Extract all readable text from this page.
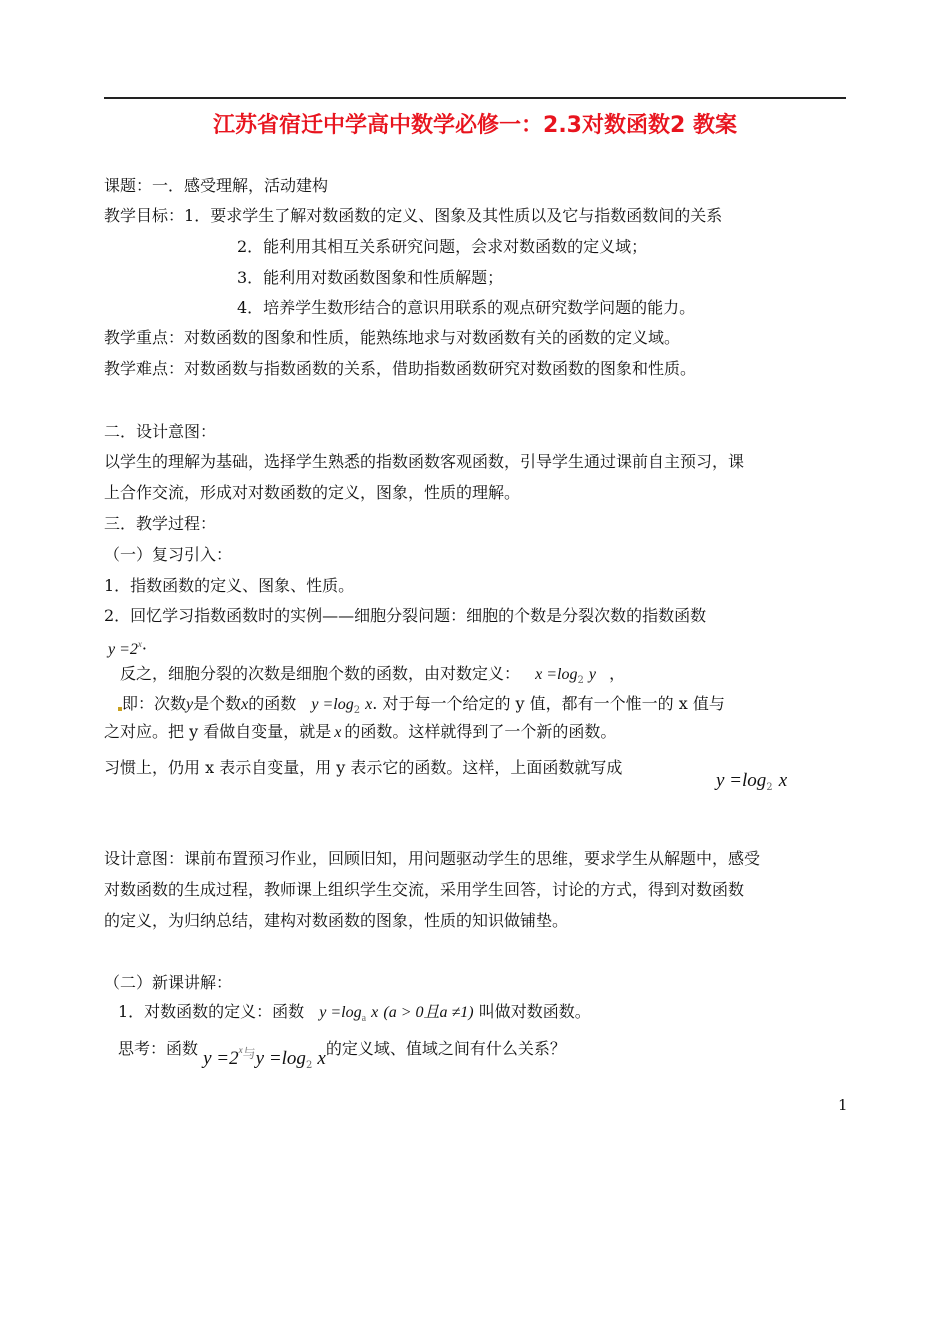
江苏省宿迁中学高中数学必修一：2.3对数函数2 教案
课题：一．感受理解，活动建构
教学目标：1．要求学生了解对数函数的定义、图象及其性质以及它与指数函数间的关系
2．能利用其相互关系研究问题，会求对数函数的定义域；
3．能利用对数函数图象和性质解题；
4．培养学生数形结合的意识用联系的观点研究数学问题的能力。
教学重点：对数函数的图象和性质，能熟练地求与对数函数有关的函数的定义域。
教学难点：对数函数与指数函数的关系，借助指数函数研究对数函数的图象和性质。
二．设计意图：
以学生的理解为基础，选择学生熟悉的指数函数客观函数，引导学生通过课前自主预习，课
上合作交流，形成对对数函数的定义，图象，性质的理解。
三．教学过程：
（一）复习引入：
1．指数函数的定义、图象、性质。
2．回忆学习指数函数时的实例——细胞分裂问题：细胞的个数是分裂次数的指数函数
$y =2^x\cdot$
反之，细胞分裂的次数是细胞个数的函数，由对数定义： $x =\log_2$ y ，
即：次数y是个数x的函数 $y =\log_2$ x. 对于每一个给定的 y 值，都有一个惟一的 x 值与
之对应。把 y 看做自变量，就是 x 的函数。这样就得到了一个新的函数。
习惯上，仍用 x 表示自变量，用 y 表示它的函数。这样，上面函数就写成
$y =\log_2$ x
设计意图：课前布置预习作业，回顾旧知，用问题驱动学生的思维，要求学生从解题中，感受
对数函数的生成过程，教师课上组织学生交流，采用学生回答，讨论的方式，得到对数函数
的定义，为归纳总结，建构对数函数的图象，性质的知识做铺垫。
（二）新课讲解：
1．对数函数的定义：函数 $y =\log_a$ x (a > 0且a ≠1) 叫做对数函数。
思考：函数 $y =2^x_与y =\log_2$ x的定义域、值域之间有什么关系？
1
